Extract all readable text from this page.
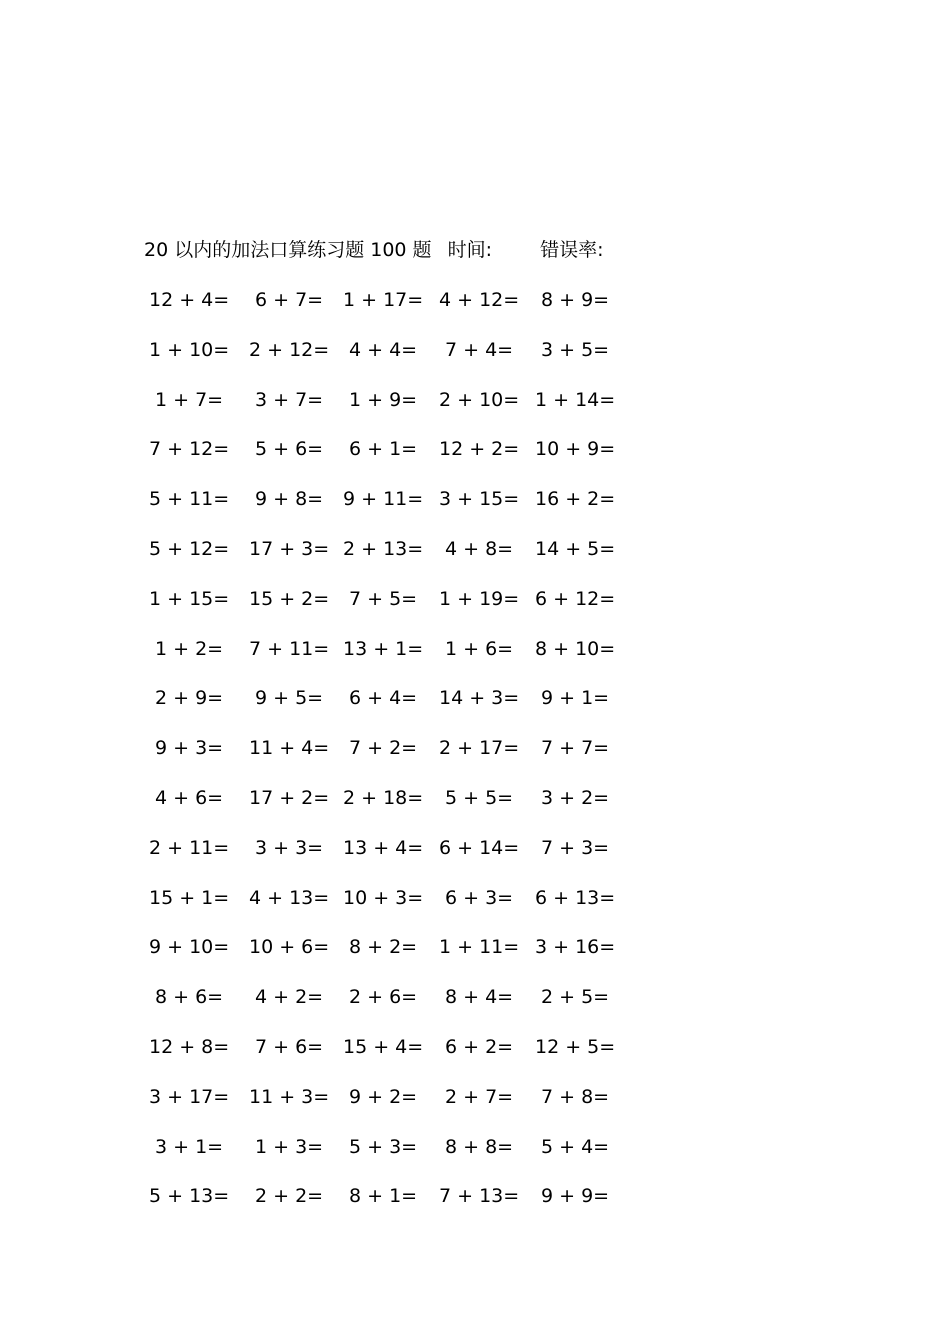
20 以内的加法口算练习题 100 题 时间:	错误率:
12 + 4= 6 + 7= 1 + 17= 4 + 12= 8 + 9=
1 + 10= 2 + 12= 4 + 4= 7 + 4= 3 + 5=
1 + 7= 3 + 7= 1 + 9= 2 + 10= 1 + 14=
7 + 12= 5 + 6= 6 + 1= 12 + 2= 10 + 9=
5 + 11= 9 + 8= 9 + 11= 3 + 15= 16 + 2=
5 + 12= 17 + 3= 2 + 13= 4 + 8= 14 + 5=
1 + 15= 15 + 2= 7 + 5= 1 + 19= 6 + 12=
1 + 2= 7 + 11= 13 + 1= 1 + 6= 8 + 10=
2 + 9= 9 + 5= 6 + 4= 14 + 3= 9 + 1=
9 + 3= 11 + 4= 7 + 2= 2 + 17= 7 + 7=
4 + 6= 17 + 2= 2 + 18= 5 + 5= 3 + 2=
2 + 11= 3 + 3= 13 + 4= 6 + 14= 7 + 3=
15 + 1= 4 + 13= 10 + 3= 6 + 3= 6 + 13=
9 + 10= 10 + 6= 8 + 2= 1 + 11= 3 + 16=
8 + 6= 4 + 2= 2 + 6= 8 + 4= 2 + 5=
12 + 8= 7 + 6= 15 + 4= 6 + 2= 12 + 5=
3 + 17= 11 + 3= 9 + 2= 2 + 7= 7 + 8=
3 + 1= 1 + 3= 5 + 3= 8 + 8= 5 + 4=
5 + 13= 2 + 2= 8 + 1= 7 + 13= 9 + 9=
